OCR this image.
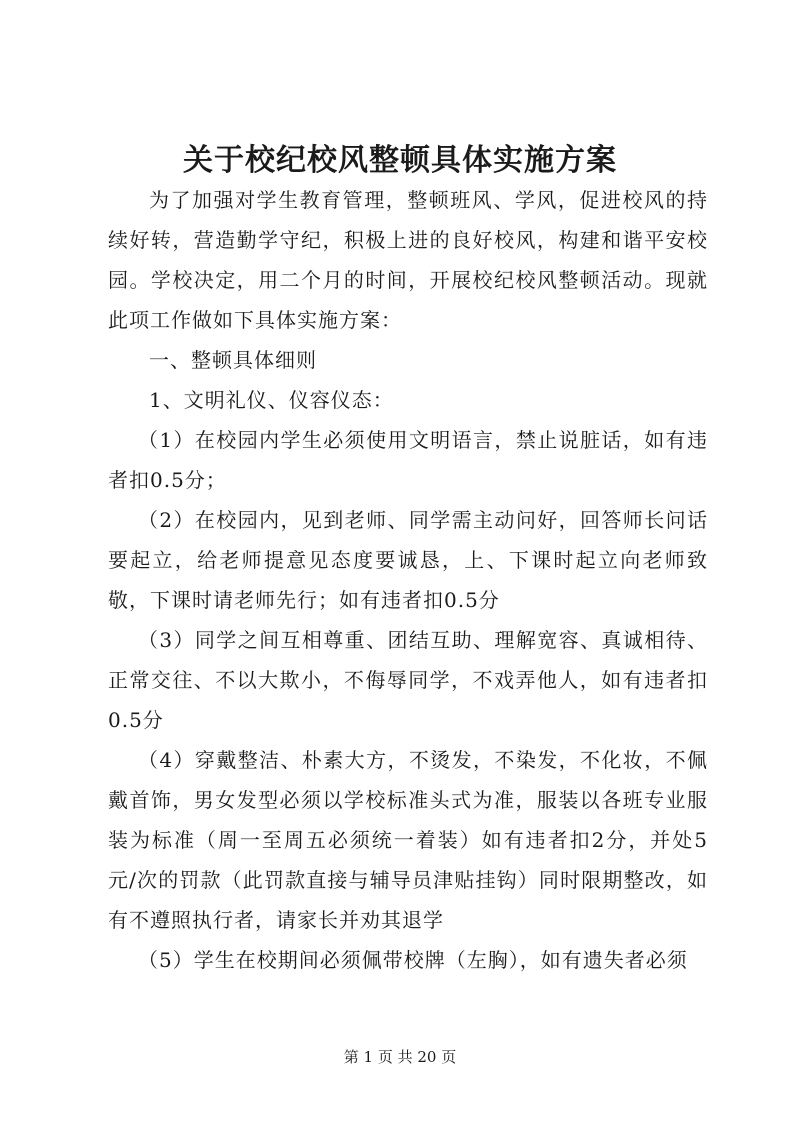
关于校纪校风整顿具体实施方案

为了加强对学生教育管理，整顿班风、学风，促进校风的持续好转，营造勤学守纪，积极上进的良好校风，构建和谐平安校园。学校决定，用二个月的时间，开展校纪校风整顿活动。现就此项工作做如下具体实施方案：

一、整顿具体细则

1、文明礼仪、仪容仪态：

（1）在校园内学生必须使用文明语言，禁止说脏话，如有违者扣0.5分；

（2）在校园内，见到老师、同学需主动问好，回答师长问话要起立，给老师提意见态度要诚恳，上、下课时起立向老师致敬，下课时请老师先行；如有违者扣0.5分

（3）同学之间互相尊重、团结互助、理解宽容、真诚相待、正常交往、不以大欺小，不侮辱同学，不戏弄他人，如有违者扣0.5分

（4）穿戴整洁、朴素大方，不烫发，不染发，不化妆，不佩戴首饰，男女发型必须以学校标准头式为准，服装以各班专业服装为标准（周一至周五必须统一着装）如有违者扣2分，并处5元/次的罚款（此罚款直接与辅导员津贴挂钩）同时限期整改，如有不遵照执行者，请家长并劝其退学

（5）学生在校期间必须佩带校牌（左胸），如有遗失者必须

第 1 页 共 20 页
